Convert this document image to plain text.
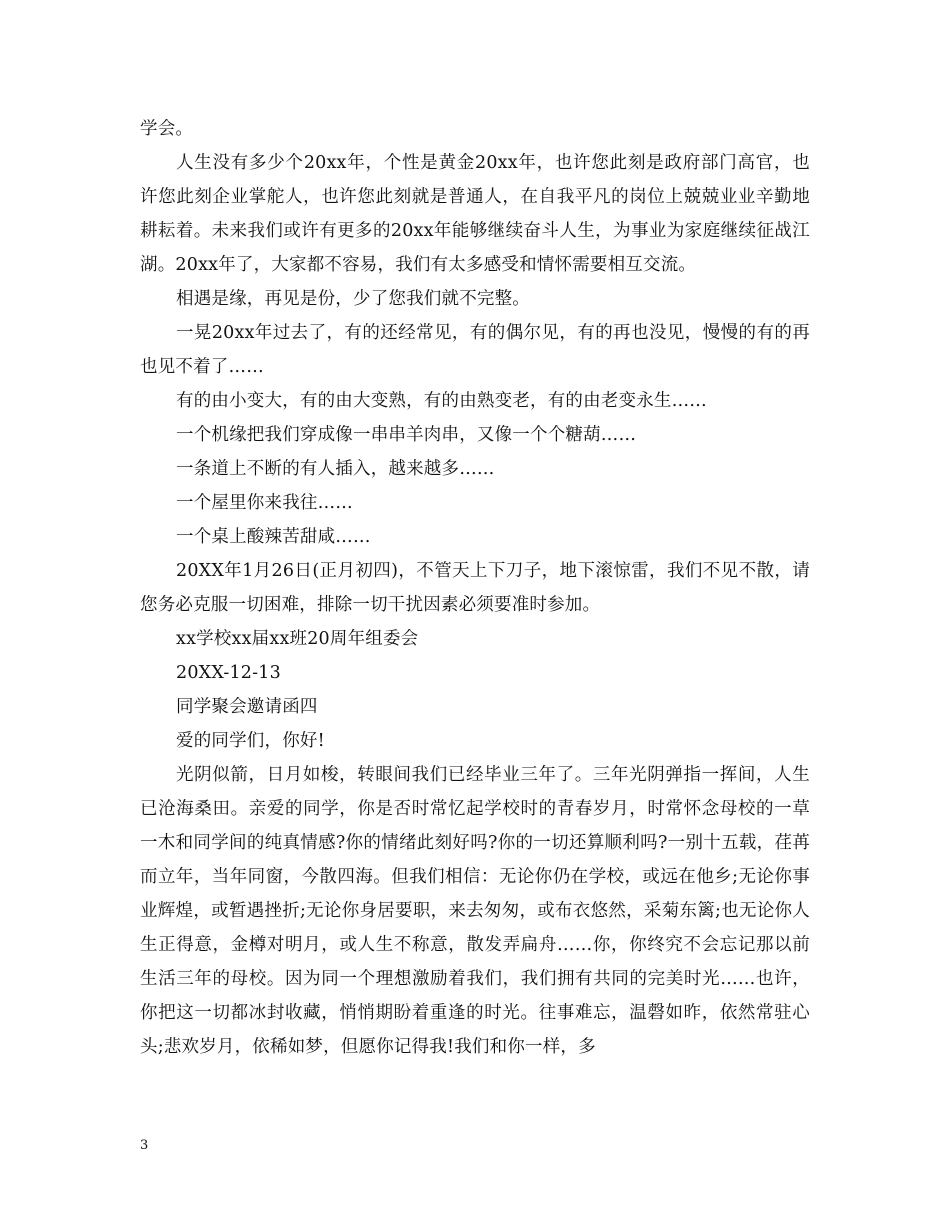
学会。

人生没有多少个20xx年，个性是黄金20xx年，也许您此刻是政府部门高官，也许您此刻企业掌舵人，也许您此刻就是普通人，在自我平凡的岗位上兢兢业业辛勤地耕耘着。未来我们或许有更多的20xx年能够继续奋斗人生，为事业为家庭继续征战江湖。20xx年了，大家都不容易，我们有太多感受和情怀需要相互交流。

相遇是缘，再见是份，少了您我们就不完整。

一晃20xx年过去了，有的还经常见，有的偶尔见，有的再也没见，慢慢的有的再也见不着了……

有的由小变大，有的由大变熟，有的由熟变老，有的由老变永生……

一个机缘把我们穿成像一串串羊肉串，又像一个个糖葫……

一条道上不断的有人插入，越来越多……

一个屋里你来我往……

一个桌上酸辣苦甜咸……

20XX年1月26日(正月初四)，不管天上下刀子，地下滚惊雷，我们不见不散，请您务必克服一切困难，排除一切干扰因素必须要准时参加。

xx学校xx届xx班20周年组委会

20XX-12-13

同学聚会邀请函四

爱的同学们，你好!

光阴似箭，日月如梭，转眼间我们已经毕业三年了。三年光阴弹指一挥间，人生已沧海桑田。亲爱的同学，你是否时常忆起学校时的青春岁月，时常怀念母校的一草一木和同学间的纯真情感?你的情绪此刻好吗?你的一切还算顺利吗?一别十五载，荏苒而立年，当年同窗，今散四海。但我们相信：无论你仍在学校，或远在他乡;无论你事业辉煌，或暂遇挫折;无论你身居要职，来去匆匆，或布衣悠然，采菊东篱;也无论你人生正得意，金樽对明月，或人生不称意，散发弄扁舟……你，你终究不会忘记那以前生活三年的母校。因为同一个理想激励着我们，我们拥有共同的完美时光……也许，你把这一切都冰封收藏，悄悄期盼着重逢的时光。往事难忘，温磬如昨，依然常驻心头;悲欢岁月，依稀如梦，但愿你记得我!我们和你一样，多

3
